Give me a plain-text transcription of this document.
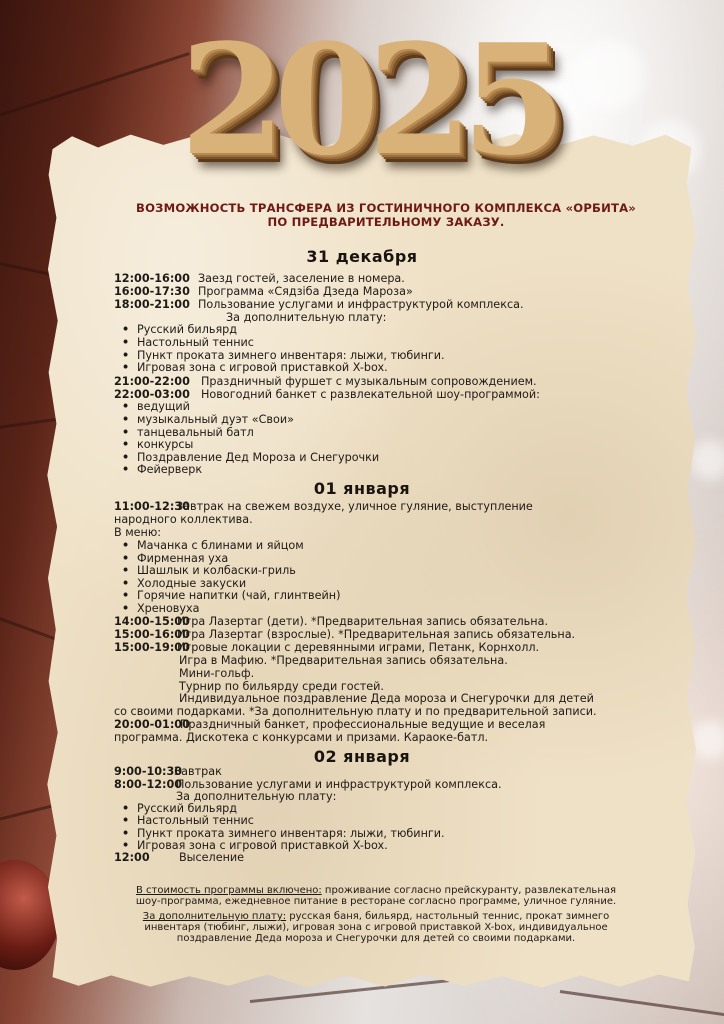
2025
ВОЗМОЖНОСТЬ ТРАНСФЕРА ИЗ ГОСТИНИЧНОГО КОМПЛЕКСА «ОРБИТА»
ПО ПРЕДВАРИТЕЛЬНОМУ ЗАКАЗУ.
31 декабря
12:00-16:00 Заезд гостей, заселение в номера.
16:00-17:30 Программа «Сядзіба Дзеда Мароза»
18:00-21:00 Пользование услугами и инфраструктурой комплекса.
За дополнительную плату:
• Русский бильярд
• Настольный теннис
• Пункт проката зимнего инвентаря: лыжи, тюбинги.
• Игровая зона с игровой приставкой X-box.
21:00-22:00 Праздничный фуршет с музыкальным сопровождением.
22:00-03:00 Новогодний банкет с развлекательной шоу-программой:
• ведущий
• музыкальный дуэт «Свои»
• танцевальный батл
• конкурсы
• Поздравление Дед Мороза и Снегурочки
• Фейерверк
01 января
11:00-12:30Завтрак на свежем воздухе, уличное гуляние, выступление
народного коллектива.
В меню:
• Мачанка с блинами и яйцом
• Фирменная уха
• Шашлык и колбаски-гриль
• Холодные закуски
• Горячие напитки (чай, глинтвейн)
• Хреновуха
14:00-15:00Игра Лазертаг (дети). *Предварительная запись обязательна.
15:00-16:00Игра Лазертаг (взрослые). *Предварительная запись обязательна.
15:00-19:00Игровые локации с деревянными играми, Петанк, Корнхолл.
Игра в Мафию. *Предварительная запись обязательна.
Мини-гольф.
Турнир по бильярду среди гостей.
Индивидуальное поздравление Деда мороза и Снегурочки для детей
со своими подарками. *За дополнительную плату и по предварительной записи.
20:00-01:00Праздничный банкет, профессиональные ведущие и веселая
программа. Дискотека с конкурсами и призами. Караоке-батл.
02 января
9:00-10:30Завтрак
8:00-12:00Пользование услугами и инфраструктурой комплекса.
За дополнительную плату:
• Русский бильярд
• Настольный теннис
• Пункт проката зимнего инвентаря: лыжи, тюбинги.
• Игровая зона с игровой приставкой X-box.
12:00	Выселение
В стоимость программы включено: проживание согласно прейскуранту, развлекательная
шоу-программа, ежедневное питание в ресторане согласно программе, уличное гуляние.
За дополнительную плату: русская баня, бильярд, настольный теннис, прокат зимнего
инвентаря (тюбинг, лыжи), игровая зона с игровой приставкой X-box, индивидуальное
поздравление Деда мороза и Снегурочки для детей со своими подарками.
